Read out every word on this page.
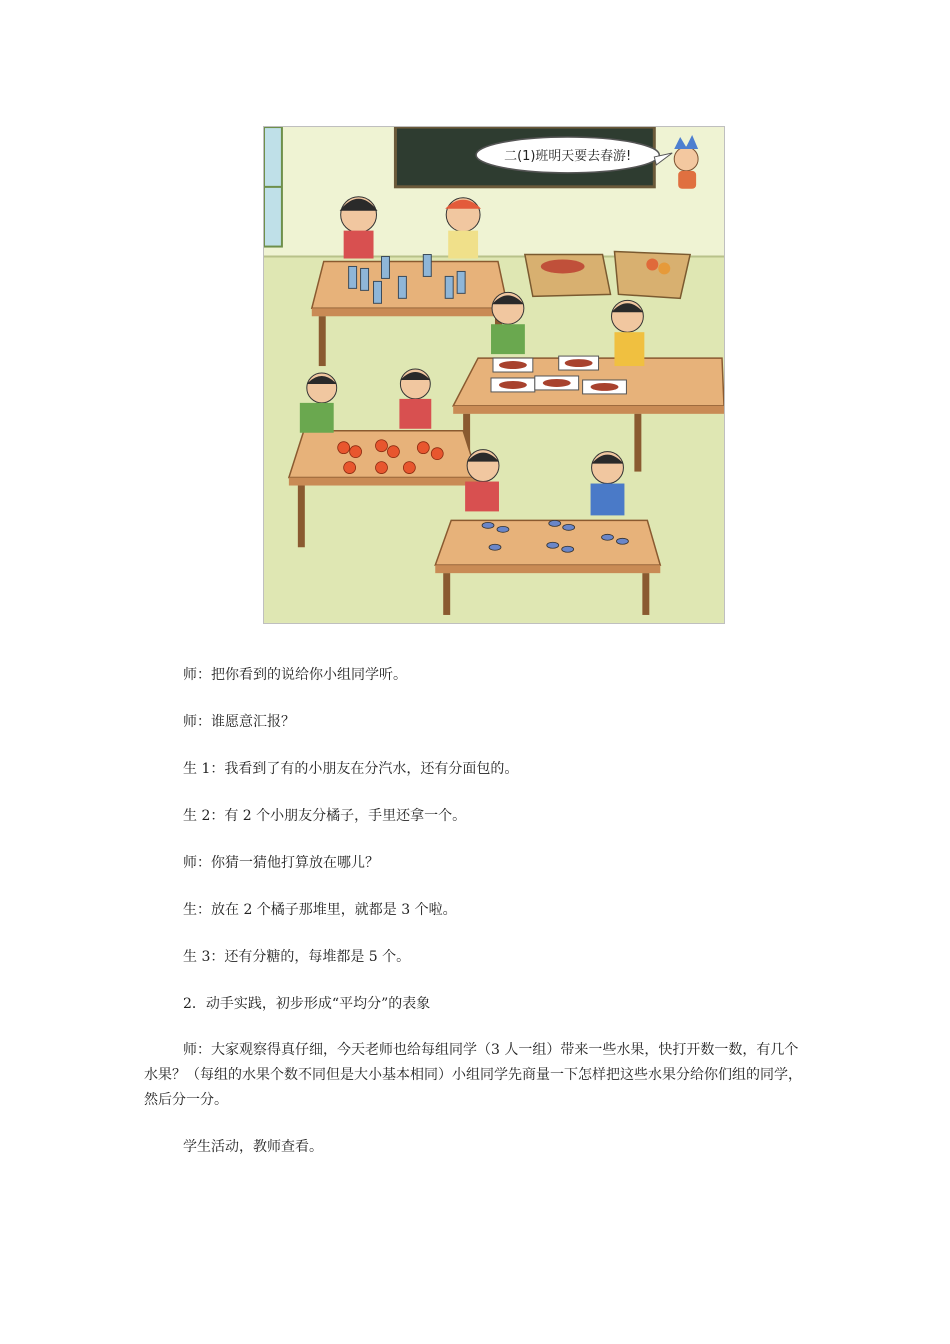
二(1)班明天要去春游!
师：把你看到的说给你小组同学听。
师：谁愿意汇报？
生 1：我看到了有的小朋友在分汽水，还有分面包的。
生 2：有 2 个小朋友分橘子，手里还拿一个。
师：你猜一猜他打算放在哪儿？
生：放在 2 个橘子那堆里，就都是 3 个啦。
生 3：还有分糖的，每堆都是 5 个。
2．动手实践，初步形成“平均分”的表象
师：大家观察得真仔细，今天老师也给每组同学（3 人一组）带来一些水果，快打开数一数，有几个水果？（每组的水果个数不同但是大小基本相同）小组同学先商量一下怎样把这些水果分给你们组的同学，然后分一分。
学生活动，教师查看。
